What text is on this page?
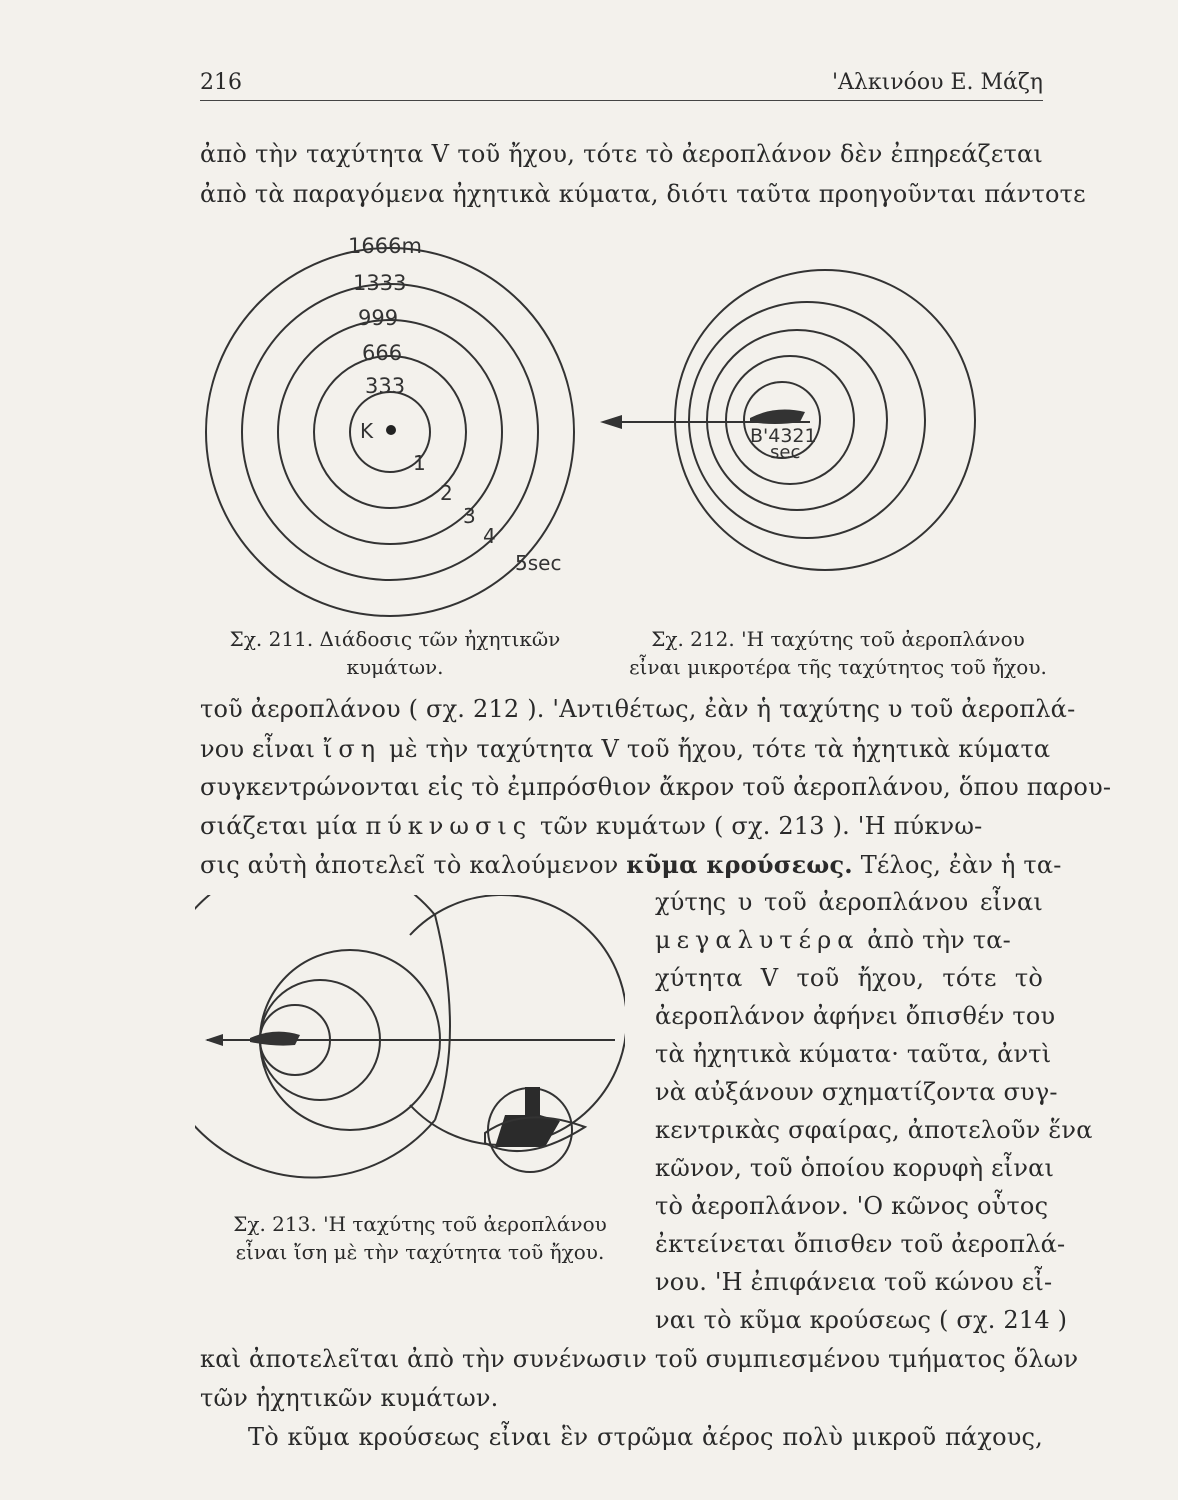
216	'Αλκινόου Ε. Μάζη
ἀπὸ τὴν ταχύτητα V τοῦ ἤχου, τότε τὸ ἀεροπλάνον δὲν ἐπηρεάζεται
ἀπὸ τὰ παραγόμενα ἠχητικὰ κύματα, διότι ταῦτα προηγοῦνται πάντοτε
K
1666m
1333
999
666
333
1
2
3
4
5sec
B'4321
sec
Σχ. 211. Διάδοσις τῶν ἠχητικῶν
κυμάτων.
Σχ. 212. 'Η ταχύτης τοῦ ἀεροπλάνου
εἶναι μικροτέρα τῆς ταχύτητος τοῦ ἤχου.
τοῦ ἀεροπλάνου ( σχ. 212 ). 'Αντιθέτως, ἐὰν ἡ ταχύτης υ τοῦ ἀεροπλά-
νου εἶναι ἴση μὲ τὴν ταχύτητα V τοῦ ἤχου, τότε τὰ ἠχητικὰ κύματα
συγκεντρώνονται εἰς τὸ ἐμπρόσθιον ἄκρον τοῦ ἀεροπλάνου, ὅπου παρου-
σιάζεται μία πύκνωσις τῶν κυμάτων ( σχ. 213 ). 'Η πύκνω-
σις αὐτὴ ἀποτελεῖ τὸ καλούμενον κῦμα κρούσεως. Τέλος, ἐὰν ἡ τα-
Σχ. 213. 'Η ταχύτης τοῦ ἀεροπλάνου
εἶναι ἴση μὲ τὴν ταχύτητα τοῦ ἤχου.
χύτης υ τοῦ ἀεροπλάνου εἶναι
μεγαλυτέρα ἀπὸ τὴν τα-
χύτητα V τοῦ ἤχου, τότε τὸ
ἀεροπλάνον ἀφήνει ὄπισθέν του
τὰ ἠχητικὰ κύματα· ταῦτα, ἀντὶ
νὰ αὐξάνουν σχηματίζοντα συγ-
κεντρικὰς σφαίρας, ἀποτελοῦν ἕνα
κῶνον, τοῦ ὁποίου κορυφὴ εἶναι
τὸ ἀεροπλάνον. 'Ο κῶνος οὗτος
ἐκτείνεται ὄπισθεν τοῦ ἀεροπλά-
νου. 'Η ἐπιφάνεια τοῦ κώνου εἶ-
ναι τὸ κῦμα κρούσεως ( σχ. 214 )
καὶ ἀποτελεῖται ἀπὸ τὴν συνένωσιν τοῦ συμπιεσμένου τμήματος ὅλων
τῶν ἠχητικῶν κυμάτων.
Τὸ κῦμα κρούσεως εἶναι ἓν στρῶμα ἀέρος πολὺ μικροῦ πάχους,
